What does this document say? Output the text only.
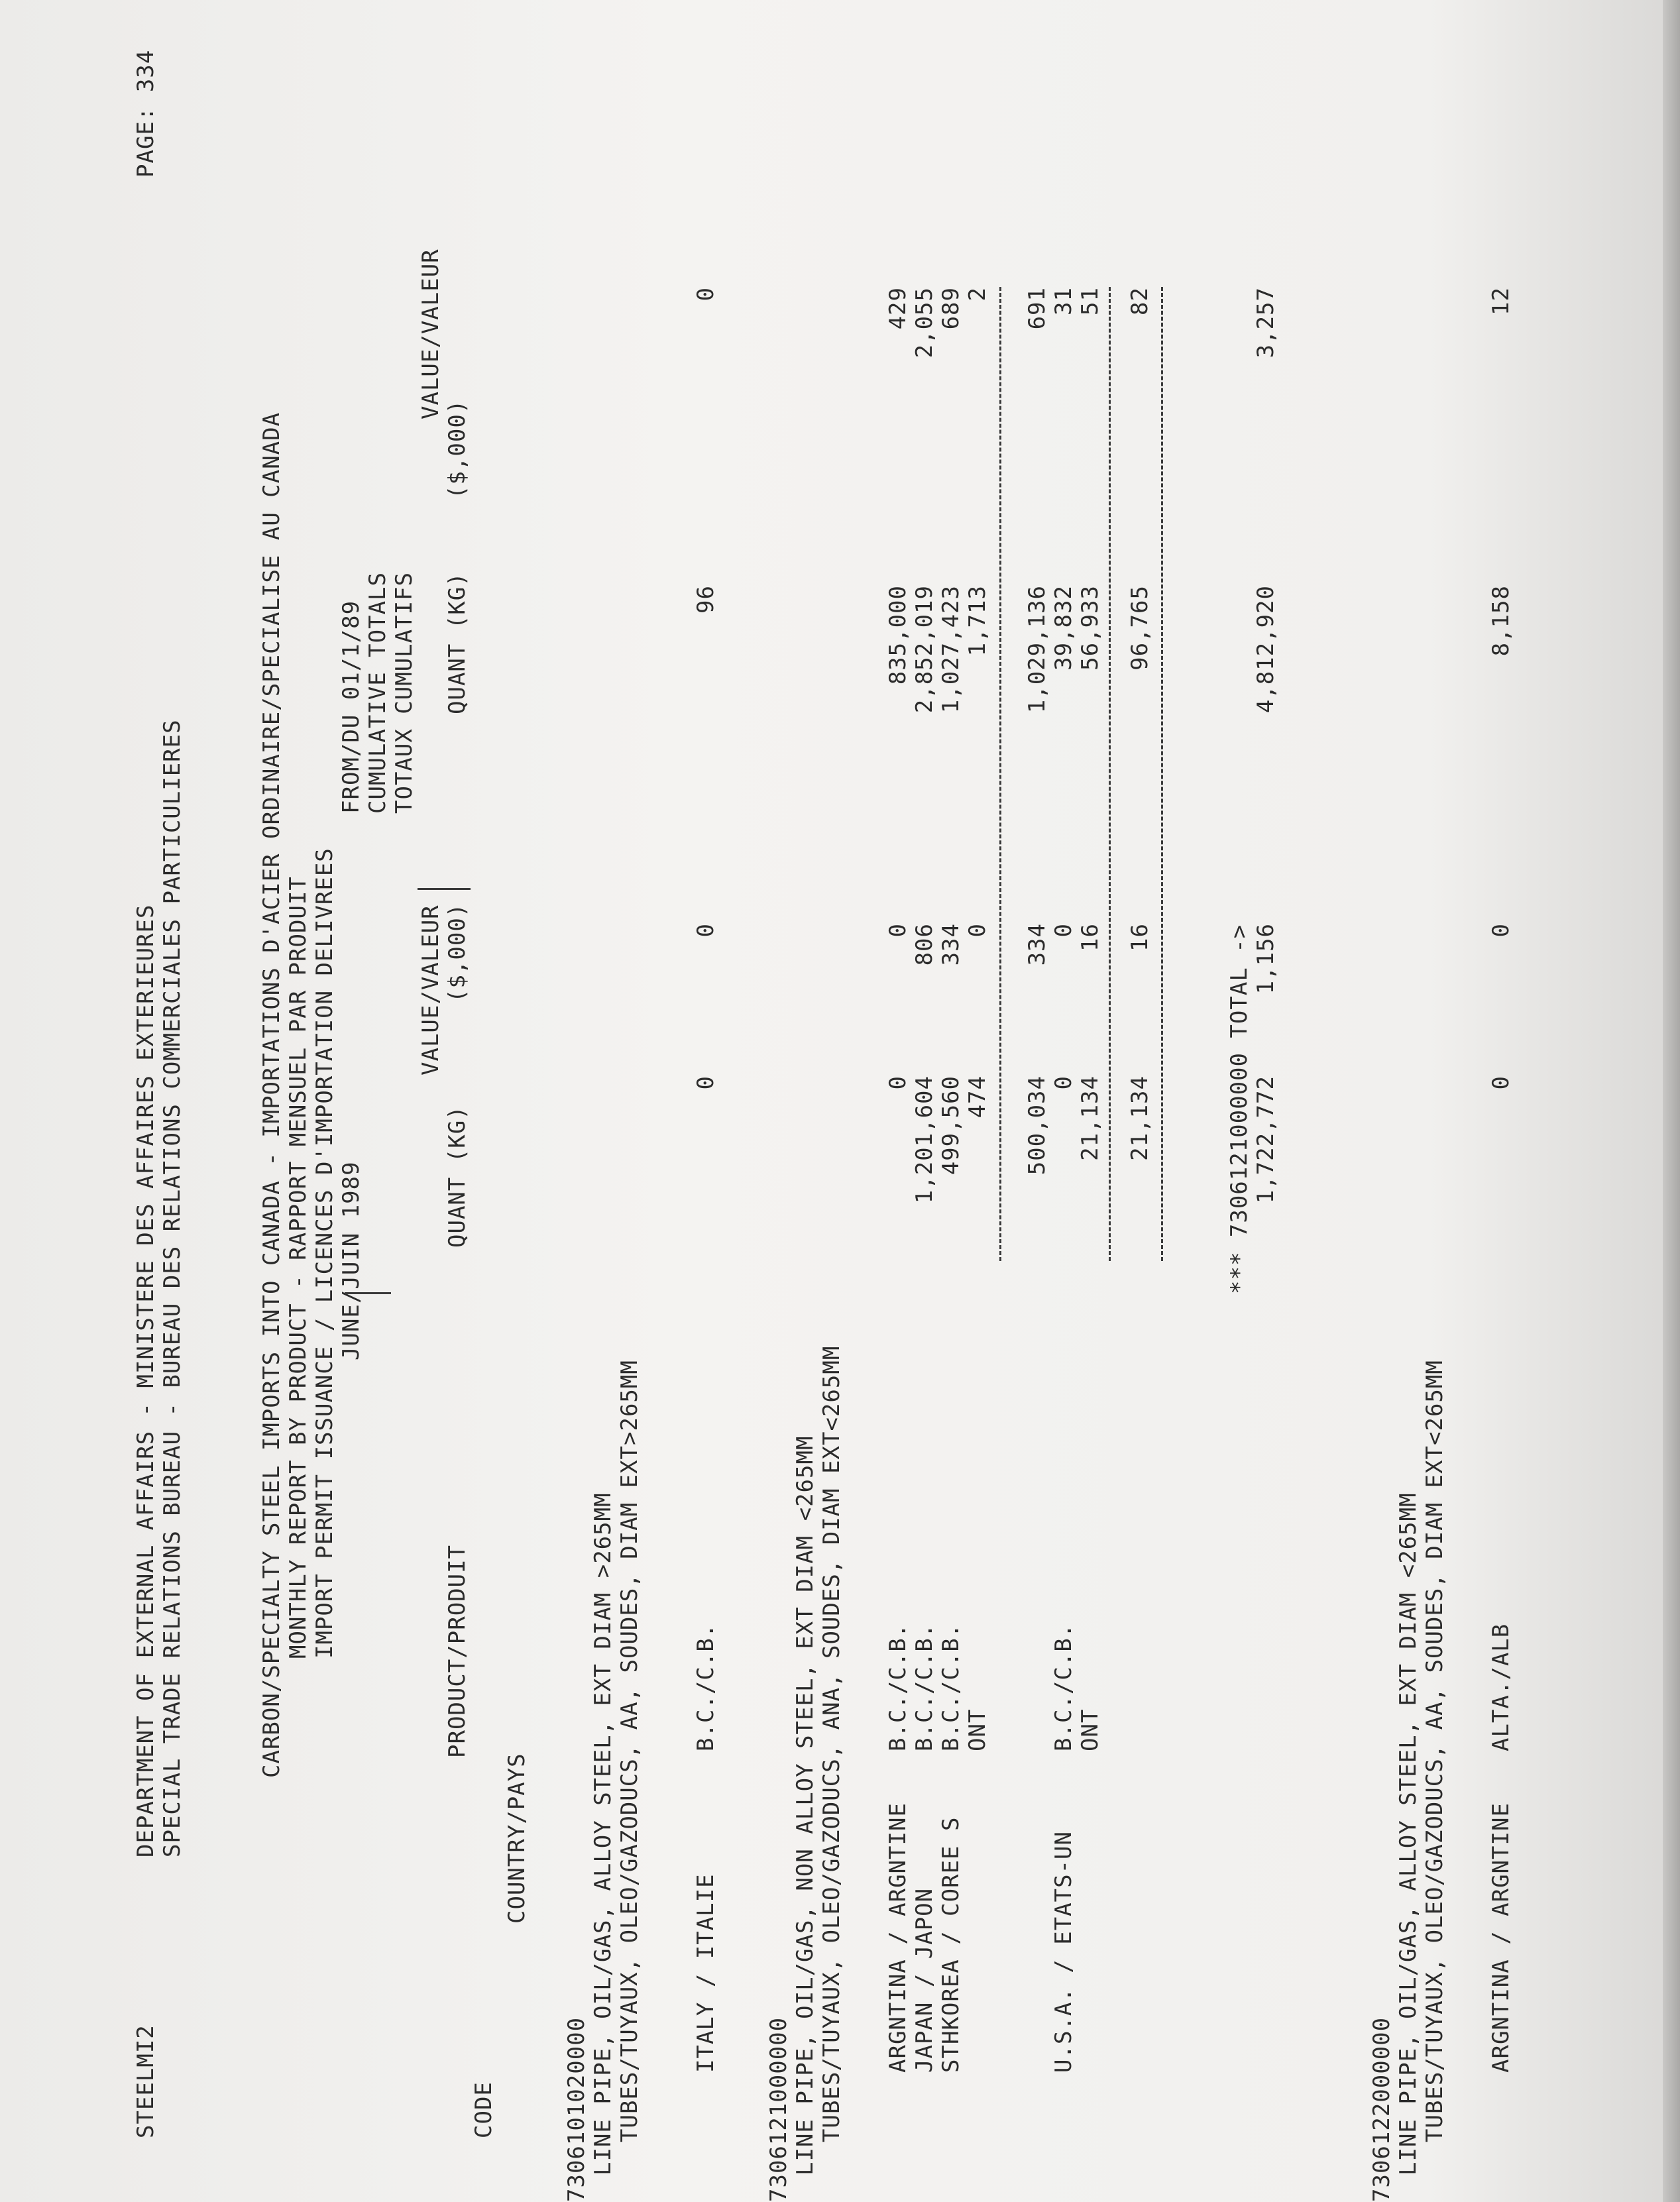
STEELMI2
PAGE: 334
DEPARTMENT OF EXTERNAL AFFAIRS - MINISTERE DES AFFAIRES EXTERIEURES SPECIAL TRADE RELATIONS BUREAU - BUREAU DES RELATIONS COMMERCIALES PARTICULIERES	CARBON/SPECIALTY STEEL IMPORTS INTO CANADA - IMPORTATIONS D'ACIER ORDINAIRE/SPECIALISE AU CANADA MONTHLY REPORT BY PRODUCT - RAPPORT MENSUEL PAR PRODUIT IMPORT PERMIT ISSUANCE / LICENCES D'IMPORTATION DELIVREES JUNE/JUIN 1989
FROM/DU 01/1/89 CUMULATIVE TOTALS TOTAUX CUMULATIFS
VALUE/VALEUR
VALUE/VALEUR
PRODUCT/PRODUIT
QUANT (KG)
($,000)
QUANT (KG)
($,000)
CODE
COUNTRY/PAYS
7306101020000 LINE PIPE, OIL/GAS, ALLOY STEEL, EXT DIAM >265MM TUBES/TUYAUX, OLEO/GAZODUCS, AA, SOUDES, DIAM EXT>265MM ITALY / ITALIE
B.C./C.B.
0
0
96
0
7306121000000 LINE PIPE, OIL/GAS, NON ALLOY STEEL, EXT DIAM <265MM TUBES/TUYAUX, OLEO/GAZODUCS, ANA, SOUDES, DIAM EXT<265MM ARGNTINA / ARGNTINE
B.C./C.B.
0
0
835,000
429
JAPAN / JAPON
B.C./C.B.
1,201,604
806
2,852,019
2,055
STHKOREA / COREE S
B.C./C.B.
499,560
334
1,027,423
689
ONT
474
0
1,713
2
500,034
334
1,029,136
691
U.S.A. / ETATS-UN
B.C./C.B.
0
0
39,832
31
ONT
21,134
16
56,933
51
21,134
16
96,765
82
*** 7306121000000 TOTAL -> 1,722,772
1,156
4,812,920
3,257
7306122000000 LINE PIPE, OIL/GAS, ALLOY STEEL, EXT DIAM <265MM TUBES/TUYAUX, OLEO/GAZODUCS, AA, SOUDES, DIAM EXT<265MM ARGNTINA / ARGNTINE
ALTA./ALB
0
0
8,158
12
